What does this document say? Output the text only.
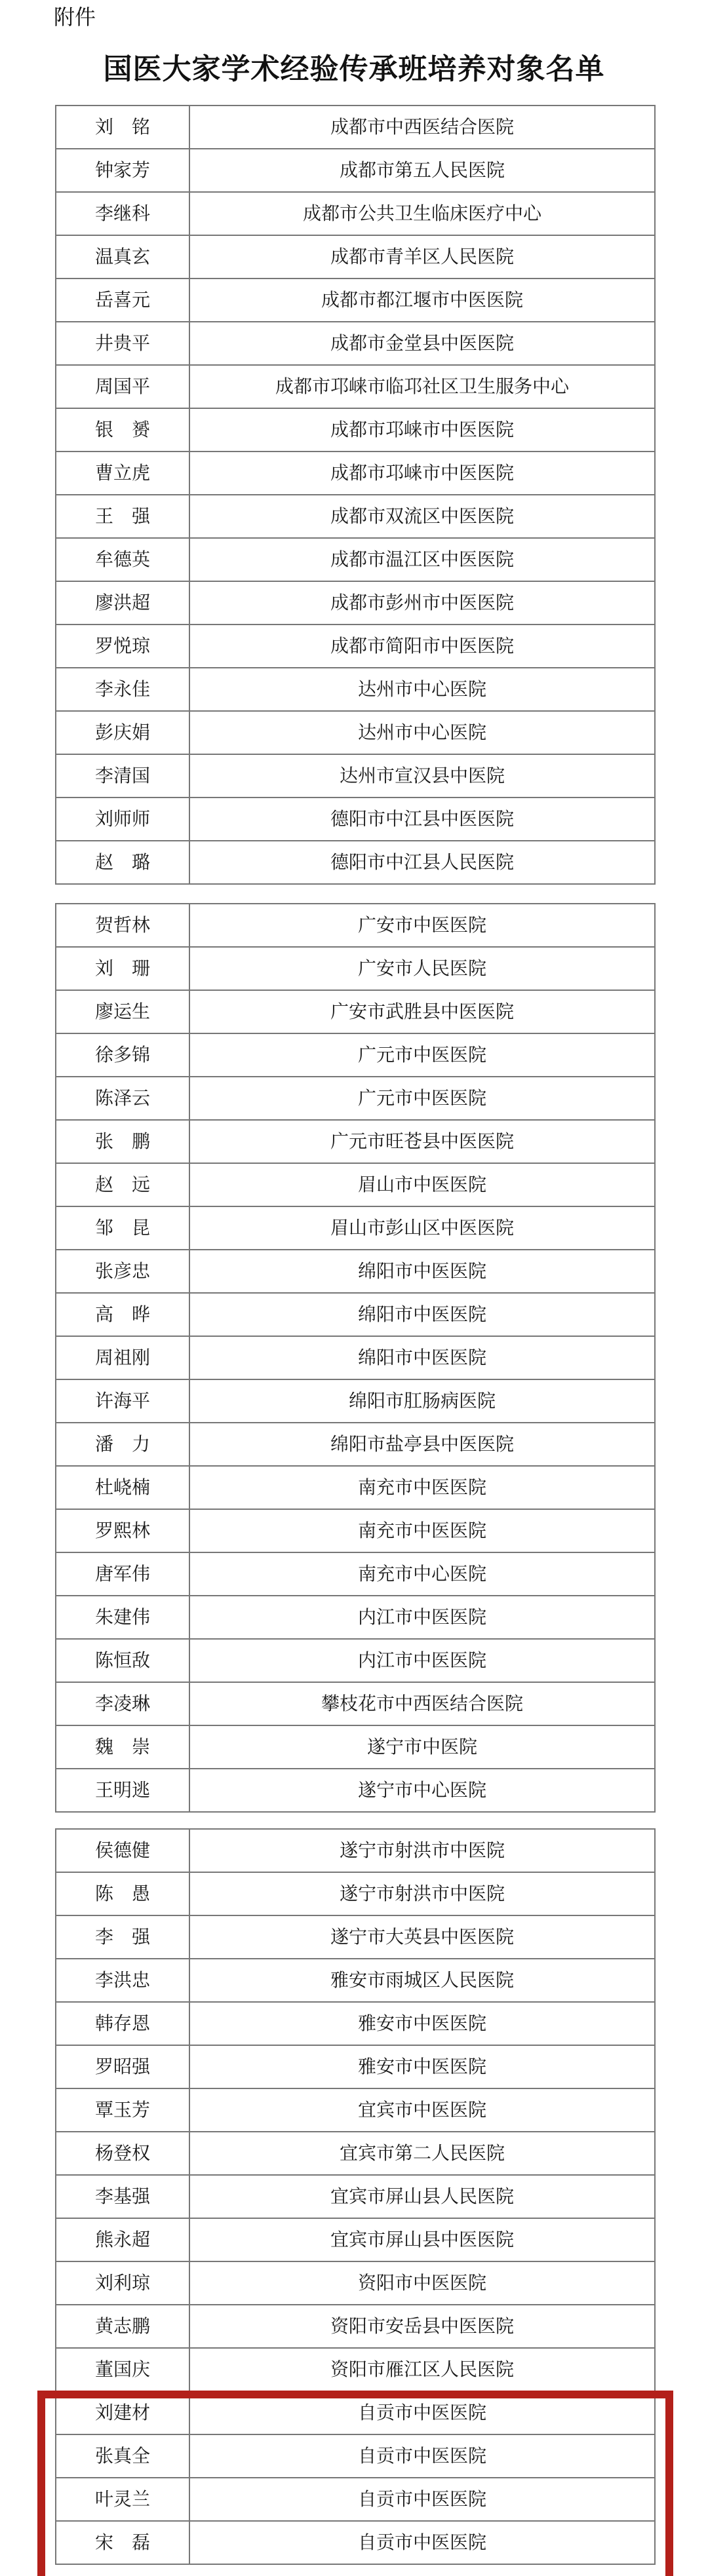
附件
国医大家学术经验传承班培养对象名单
刘　铭	成都市中西医结合医院
钟家芳	成都市第五人民医院
李继科	成都市公共卫生临床医疗中心
温真玄	成都市青羊区人民医院
岳喜元	成都市都江堰市中医医院
井贵平	成都市金堂县中医医院
周国平	成都市邛崃市临邛社区卫生服务中心
银　赟	成都市邛崃市中医医院
曹立虎	成都市邛崃市中医医院
王　强	成都市双流区中医医院
牟德英	成都市温江区中医医院
廖洪超	成都市彭州市中医医院
罗悦琼	成都市简阳市中医医院
李永佳	达州市中心医院
彭庆娟	达州市中心医院
李清国	达州市宣汉县中医院
刘师师	德阳市中江县中医医院
赵　璐	德阳市中江县人民医院
贺哲林	广安市中医医院
刘　珊	广安市人民医院
廖运生	广安市武胜县中医医院
徐多锦	广元市中医医院
陈泽云	广元市中医医院
张　鹏	广元市旺苍县中医医院
赵　远	眉山市中医医院
邹　昆	眉山市彭山区中医医院
张彦忠	绵阳市中医医院
高　晔	绵阳市中医医院
周祖刚	绵阳市中医医院
许海平	绵阳市肛肠病医院
潘　力	绵阳市盐亭县中医医院
杜峣楠	南充市中医医院
罗熙林	南充市中医医院
唐军伟	南充市中心医院
朱建伟	内江市中医医院
陈恒敌	内江市中医医院
李凌琳	攀枝花市中西医结合医院
魏　崇	遂宁市中医院
王明逃	遂宁市中心医院
侯德健	遂宁市射洪市中医院
陈　愚	遂宁市射洪市中医院
李　强	遂宁市大英县中医医院
李洪忠	雅安市雨城区人民医院
韩存恩	雅安市中医医院
罗昭强	雅安市中医医院
覃玉芳	宜宾市中医医院
杨登权	宜宾市第二人民医院
李基强	宜宾市屏山县人民医院
熊永超	宜宾市屏山县中医医院
刘利琼	资阳市中医医院
黄志鹏	资阳市安岳县中医医院
董国庆	资阳市雁江区人民医院
刘建材	自贡市中医医院
张真全	自贡市中医医院
叶灵兰	自贡市中医医院
宋　磊	自贡市中医医院
